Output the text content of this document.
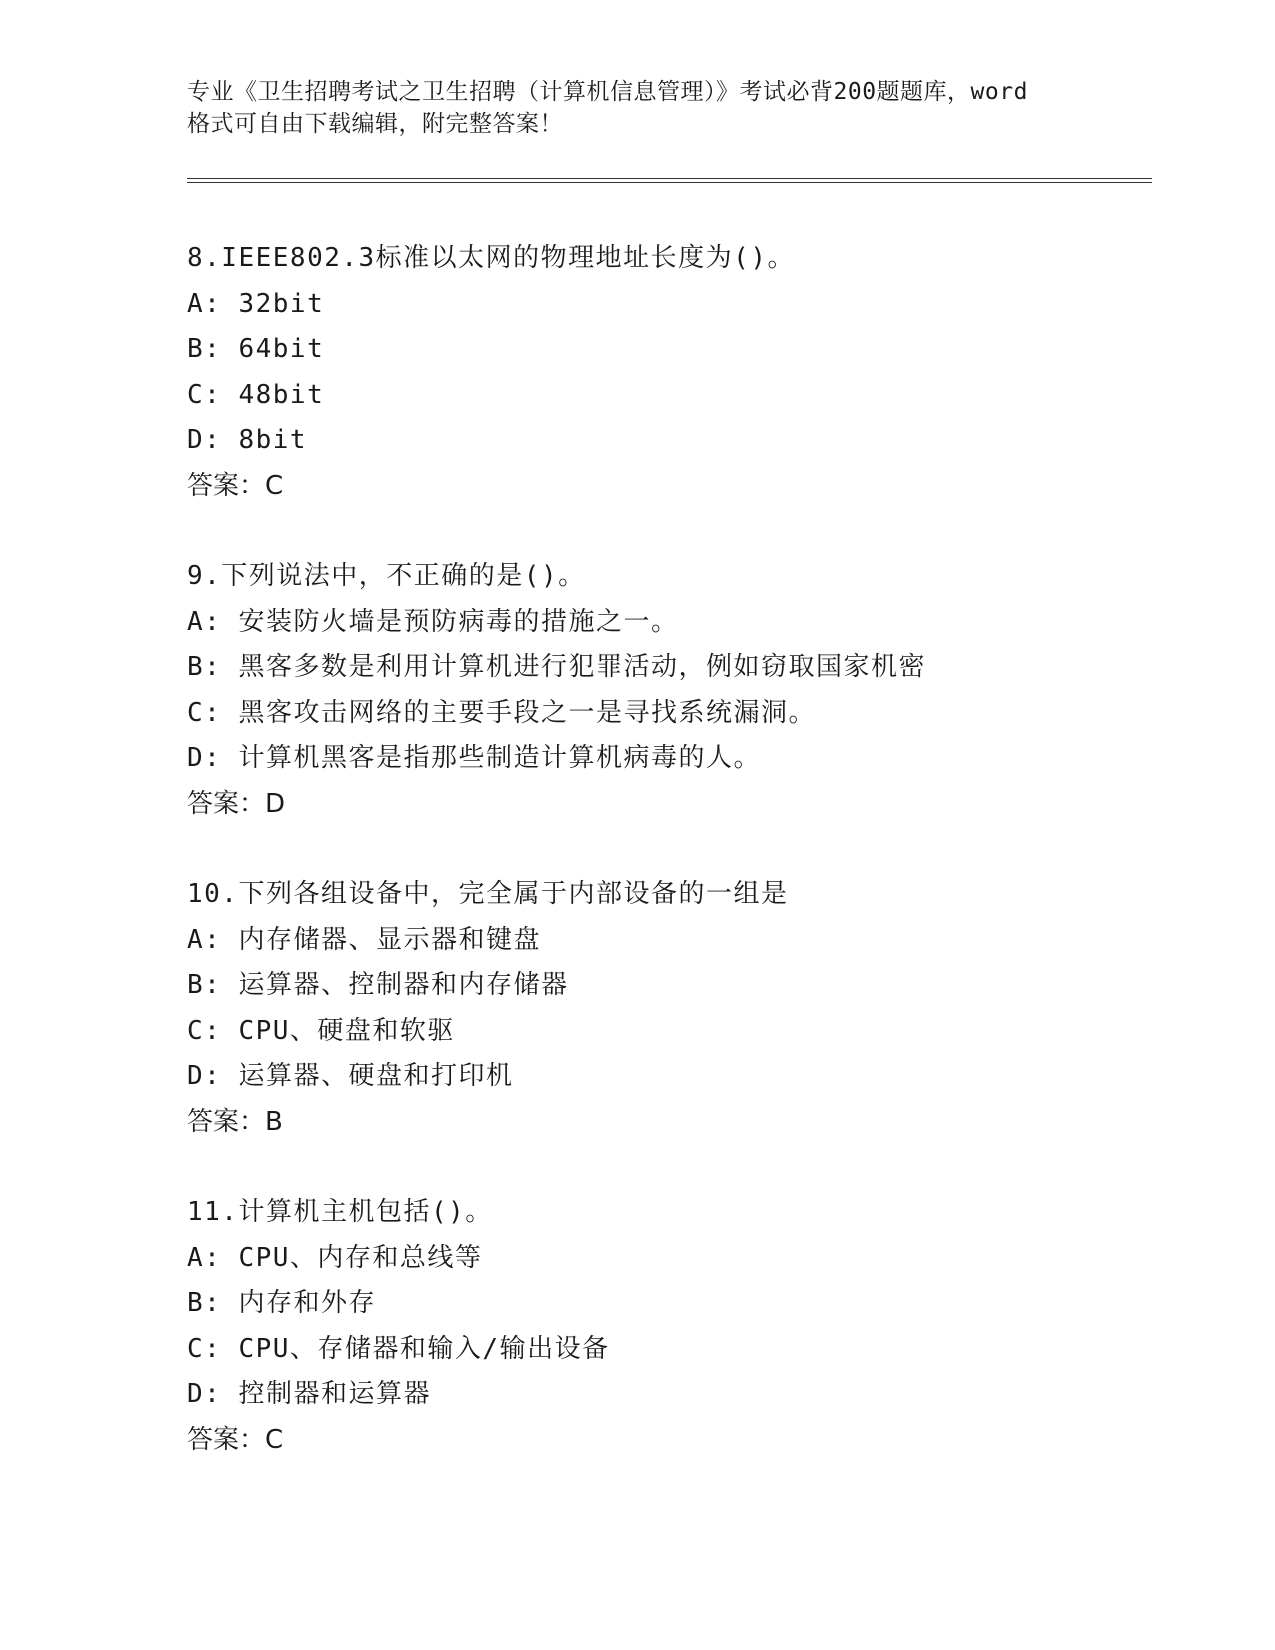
专业《卫生招聘考试之卫生招聘（计算机信息管理）》考试必背200题题库，word
格式可自由下载编辑，附完整答案！
8.IEEE802.3标准以太网的物理地址长度为()。
A: 32bit
B: 64bit
C: 48bit
D: 8bit
答案：C
9.下列说法中，不正确的是()。
A: 安装防火墙是预防病毒的措施之一。
B: 黑客多数是利用计算机进行犯罪活动，例如窃取国家机密
C: 黑客攻击网络的主要手段之一是寻找系统漏洞。
D: 计算机黑客是指那些制造计算机病毒的人。
答案：D
10.下列各组设备中，完全属于内部设备的一组是
A: 内存储器、显示器和键盘
B: 运算器、控制器和内存储器
C: CPU、硬盘和软驱
D: 运算器、硬盘和打印机
答案：B
11.计算机主机包括()。
A: CPU、内存和总线等
B: 内存和外存
C: CPU、存储器和输入/输出设备
D: 控制器和运算器
答案：C
